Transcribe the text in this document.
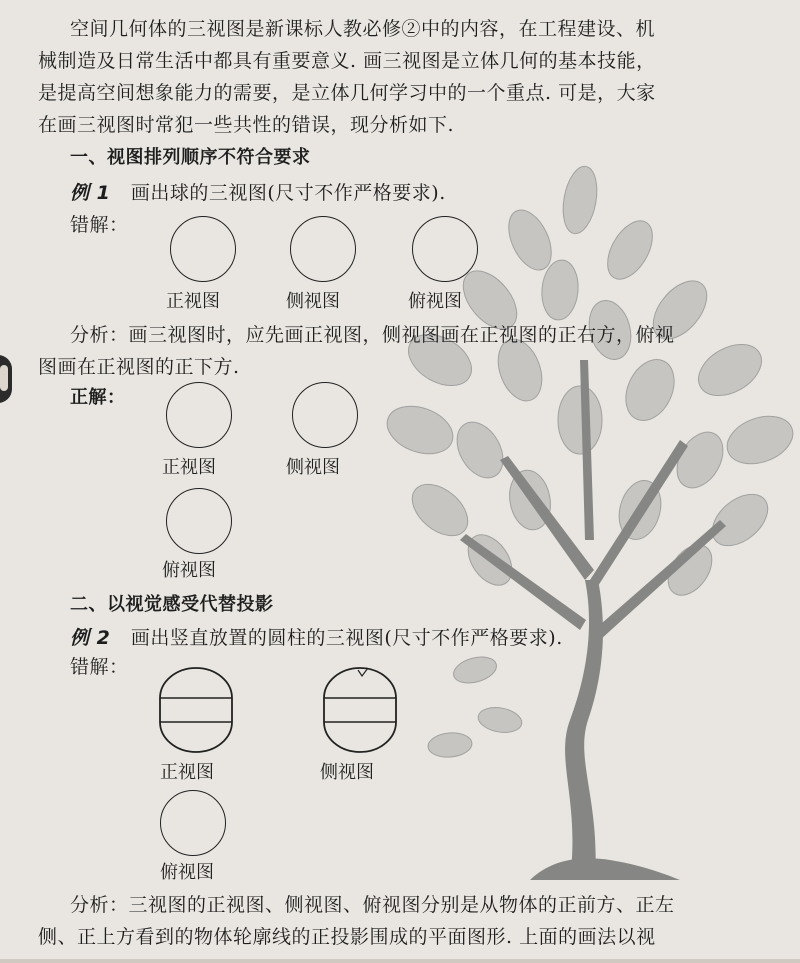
空间几何体的三视图是新课标人教必修②中的内容，在工程建设、机
械制造及日常生活中都具有重要意义. 画三视图是立体几何的基本技能，
是提高空间想象能力的需要，是立体几何学习中的一个重点. 可是，大家
在画三视图时常犯一些共性的错误，现分析如下.
一、视图排列顺序不符合要求
例 1 画出球的三视图(尺寸不作严格要求).
错解：
正视图	侧视图	俯视图
分析：画三视图时，应先画正视图，侧视图画在正视图的正右方，俯视
图画在正视图的正下方.
正解：
正视图	侧视图
俯视图
二、以视觉感受代替投影
例 2 画出竖直放置的圆柱的三视图(尺寸不作严格要求).
错解：
正视图	侧视图
俯视图
分析：三视图的正视图、侧视图、俯视图分别是从物体的正前方、正左
侧、正上方看到的物体轮廓线的正投影围成的平面图形. 上面的画法以视
